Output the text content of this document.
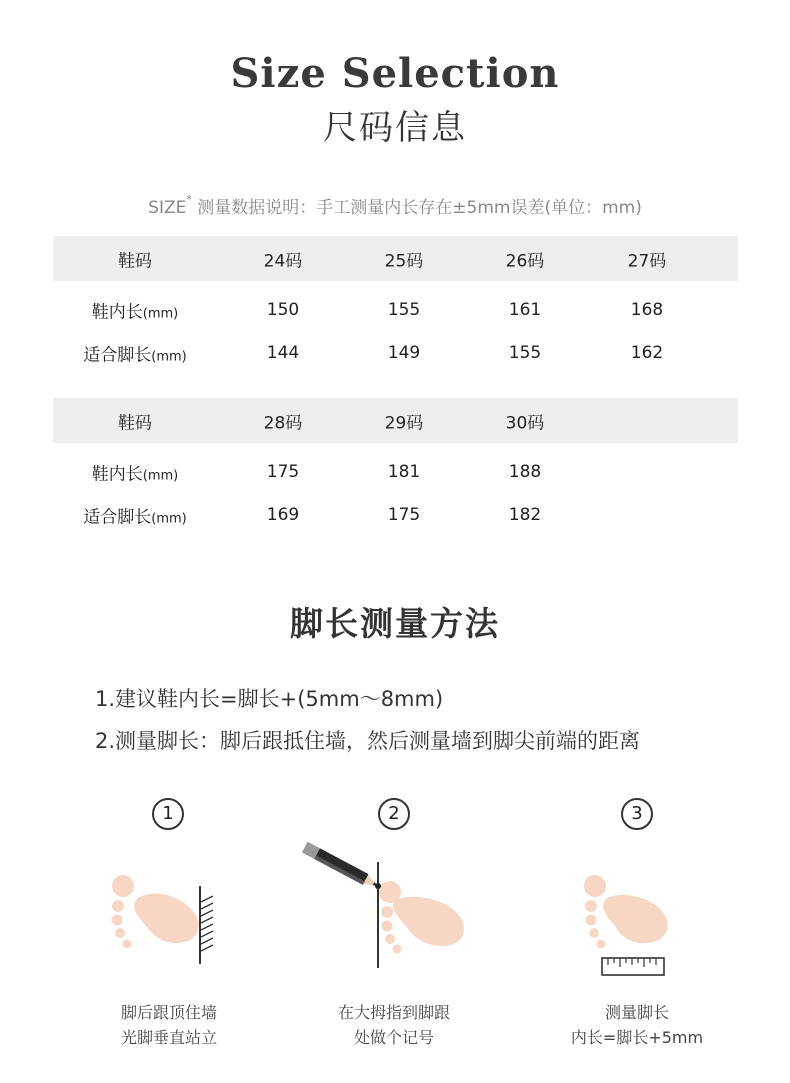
Size Selection
尺码信息
SIZE* 测量数据说明：手工测量内长存在±5mm误差(单位：mm)
鞋码	24码	25码	26码	27码
鞋内长(mm)	150	155	161	168
适合脚长(mm)	144	149	155	162
鞋码	28码	29码	30码
鞋内长(mm)	175	181	188
适合脚长(mm)	169	175	182
脚长测量方法
1.建议鞋内长=脚长+(5mm～8mm)
2.测量脚长：脚后跟抵住墙，然后测量墙到脚尖前端的距离
1	2	3
脚后跟顶住墙
光脚垂直站立
在大拇指到脚跟
处做个记号
测量脚长
内长=脚长+5mm
